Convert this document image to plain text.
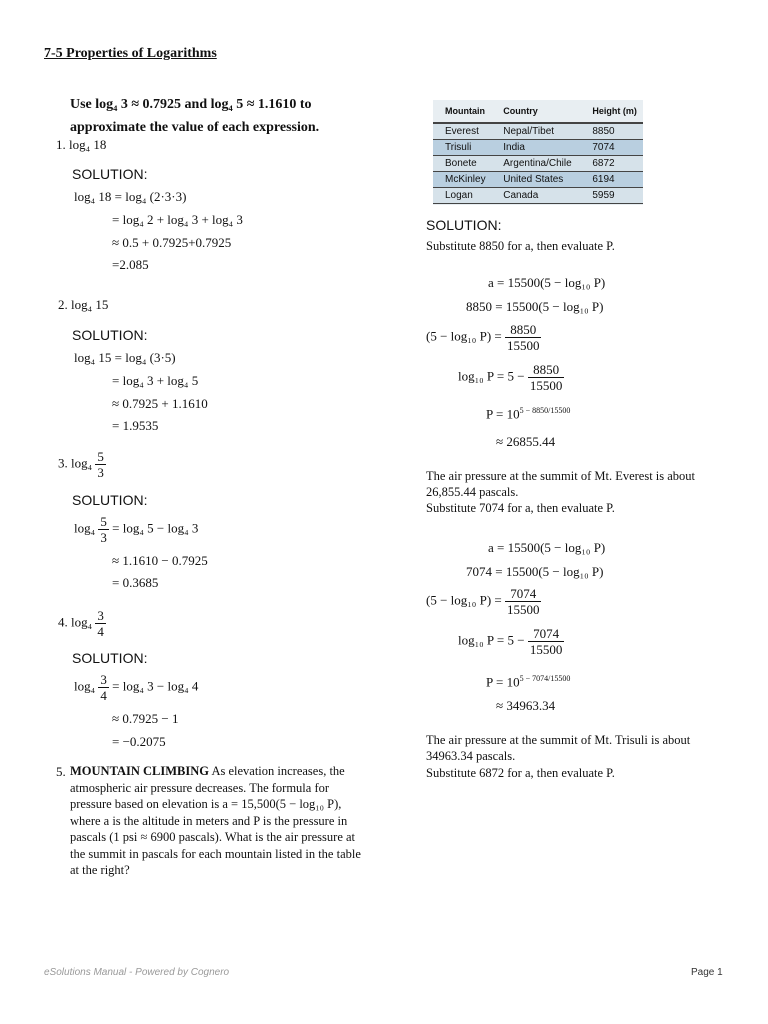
7-5 Properties of Logarithms
Use log₄ 3 ≈ 0.7925 and log₄ 5 ≈ 1.1610 to approximate the value of each expression.
1. log₄ 18
SOLUTION:
log₄ 18 = log₄ (2·3·3)
= log₄ 2 + log₄ 3 + log₄ 3
≈ 0.5 + 0.7925+0.7925
=2.085
2. log₄ 15
SOLUTION:
log₄ 15 = log₄ (3·5)
= log₄ 3 + log₄ 5
≈ 0.7925 + 1.1610
= 1.9535
3. $\log_4 \frac{5}{3}$
SOLUTION:
$\log_4 \frac{5}{3} = \log_4$ 5 − log₄ 3
≈ 1.1610 − 0.7925
= 0.3685
4. $\log_4 \frac{3}{4}$
SOLUTION:
$\log_4 \frac{3}{4} = \log_4$ 3 − log₄ 4
≈ 0.7925 − 1
= −0.2075
5. MOUNTAIN CLIMBING As elevation increases, the atmospheric air pressure decreases. The formula for pressure based on elevation is a = 15,500(5 − log₁₀ P), where a is the altitude in meters and P is the pressure in pascals (1 psi ≈ 6900 pascals). What is the air pressure at the summit in pascals for each mountain listed in the table at the right?
Mountain	Country	Height (m)
Everest	Nepal/Tibet	8850
Trisuli	India	7074
Bonete	Argentina/Chile	6872
McKinley	United States	6194
Logan	Canada	5959
SOLUTION:
Substitute 8850 for a, then evaluate P.
a = 15500(5 − log₁₀ P)
8850 = 15500(5 − log₁₀ P)
(5 − log₁₀ $P) = \frac{8850}{15500}$
log₁₀ $P = 5 - \frac{8850}{15500}$
$P = 10^{5 - 8850/15500}$
≈ 26855.44
The air pressure at the summit of Mt. Everest is about 26,855.44 pascals.
Substitute 7074 for a, then evaluate P.
a = 15500(5 − log₁₀ P)
7074 = 15500(5 − log₁₀ P)
(5 − log₁₀ $P) = \frac{7074}{15500}$
log₁₀ $P = 5 - \frac{7074}{15500}$
$P = 10^{5 - 7074/15500}$
≈ 34963.34
The air pressure at the summit of Mt. Trisuli is about 34963.34 pascals.
Substitute 6872 for a, then evaluate P.
eSolutions Manual - Powered by Cognero	Page 1
